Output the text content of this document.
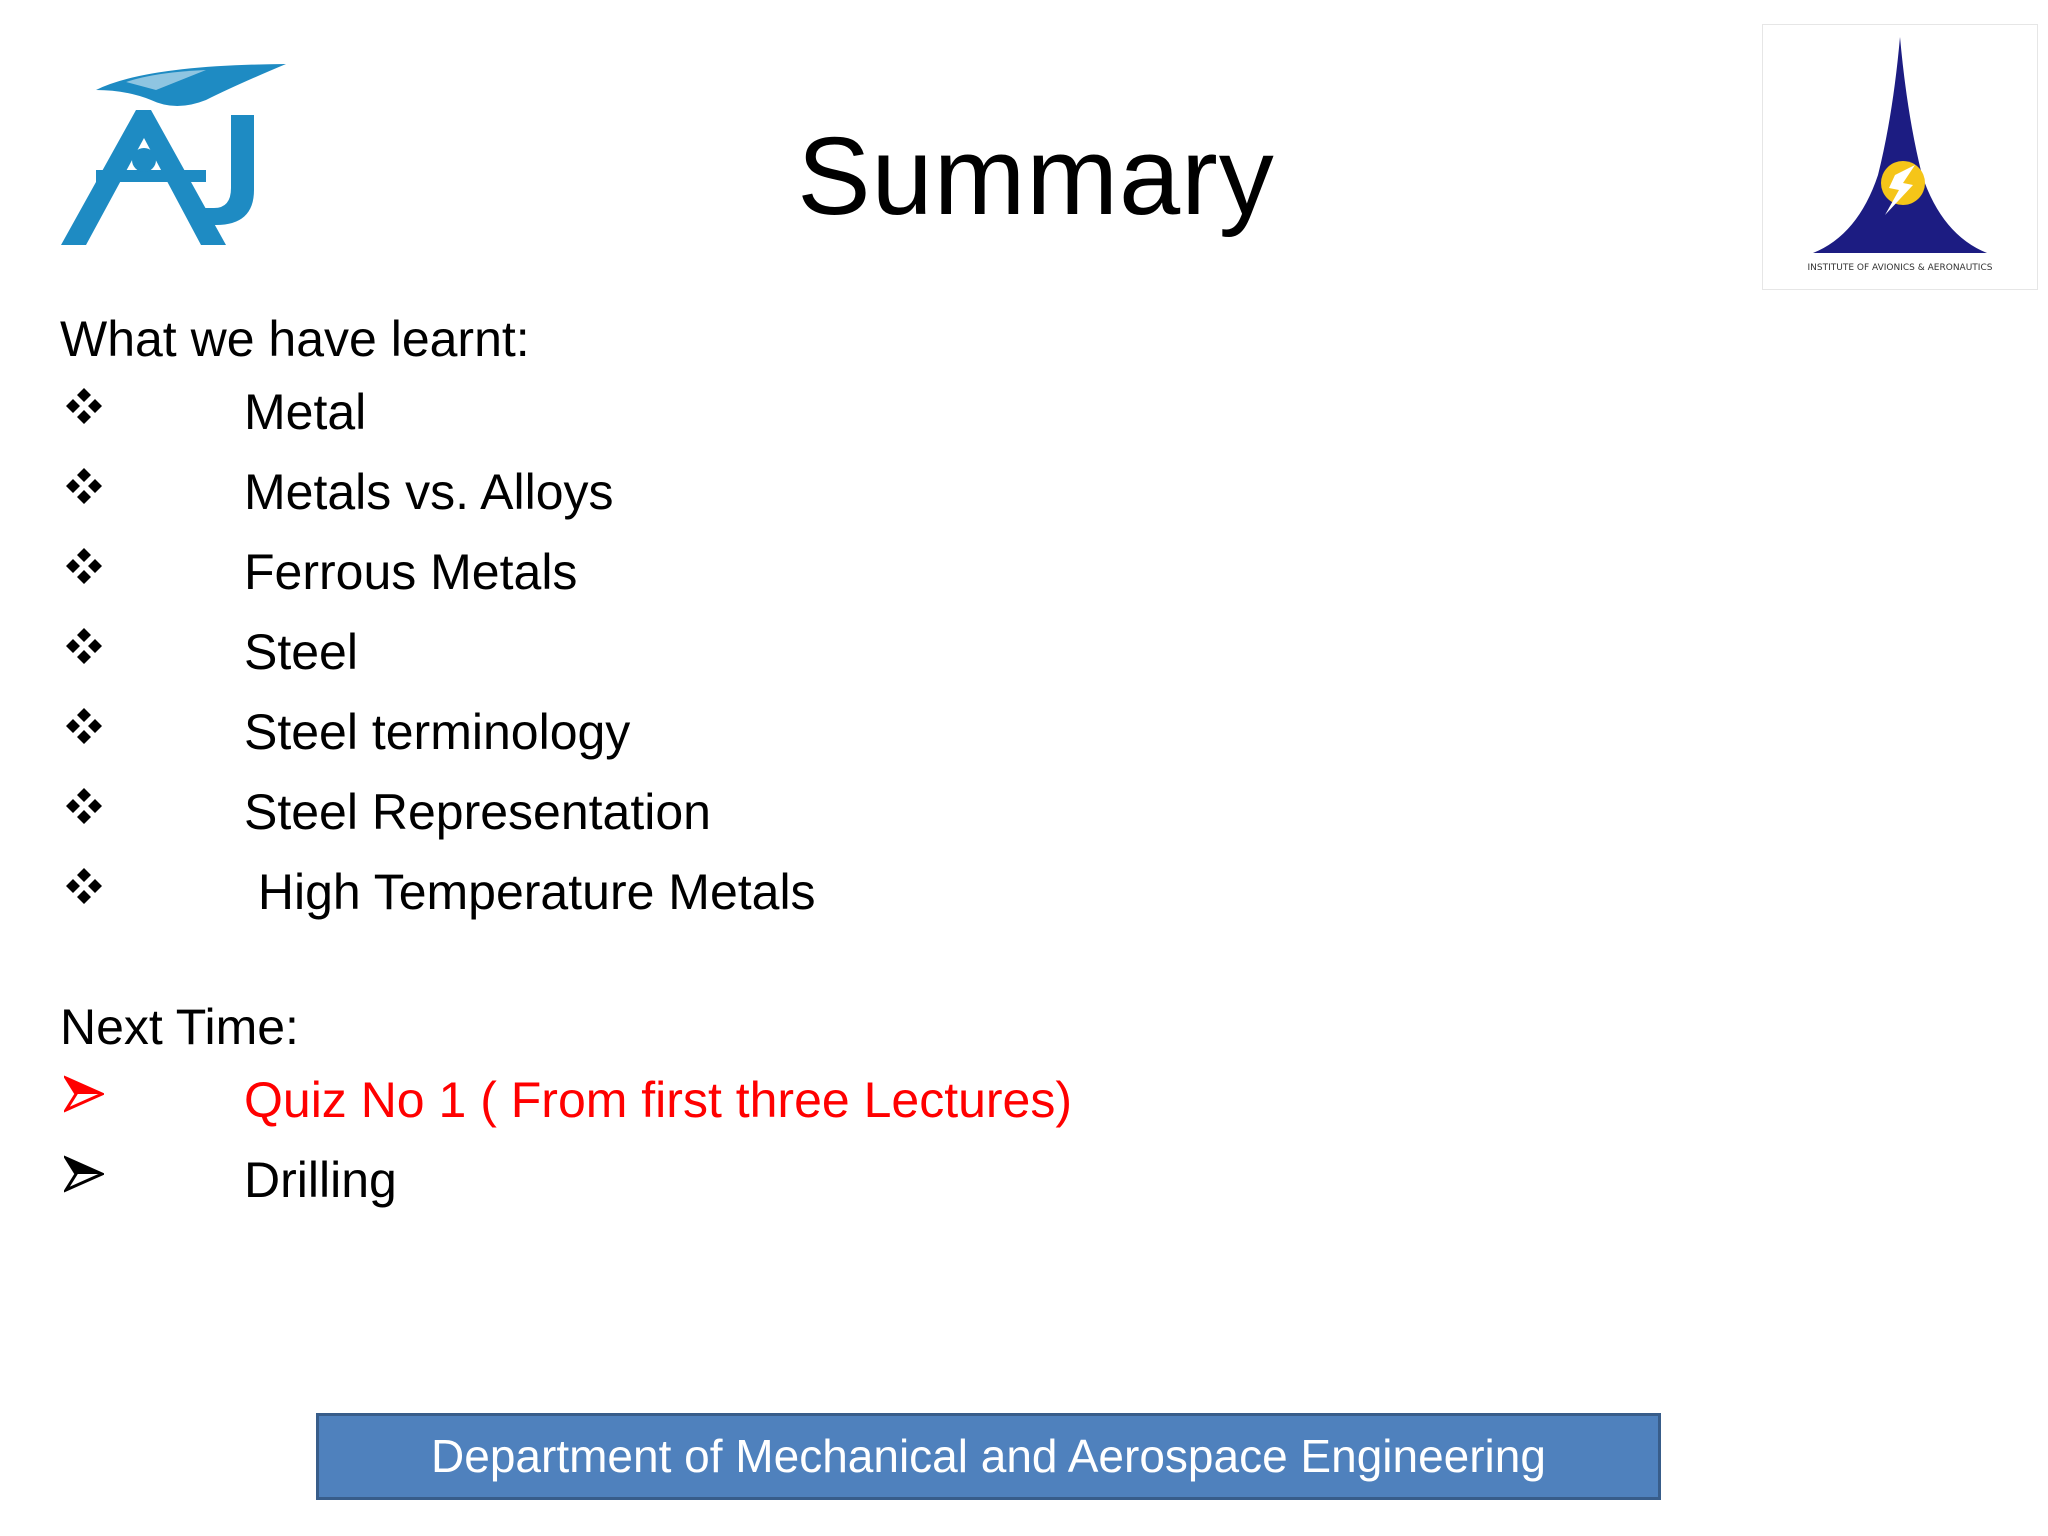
INSTITUTE OF AVIONICS & AERONAUTICS
Summary
What we have learnt:
Metal
Metals vs. Alloys
Ferrous Metals
Steel
Steel terminology
Steel Representation
High Temperature Metals
Next Time:
Quiz No 1 ( From first three Lectures)
Drilling
Department of Mechanical and Aerospace Engineering
